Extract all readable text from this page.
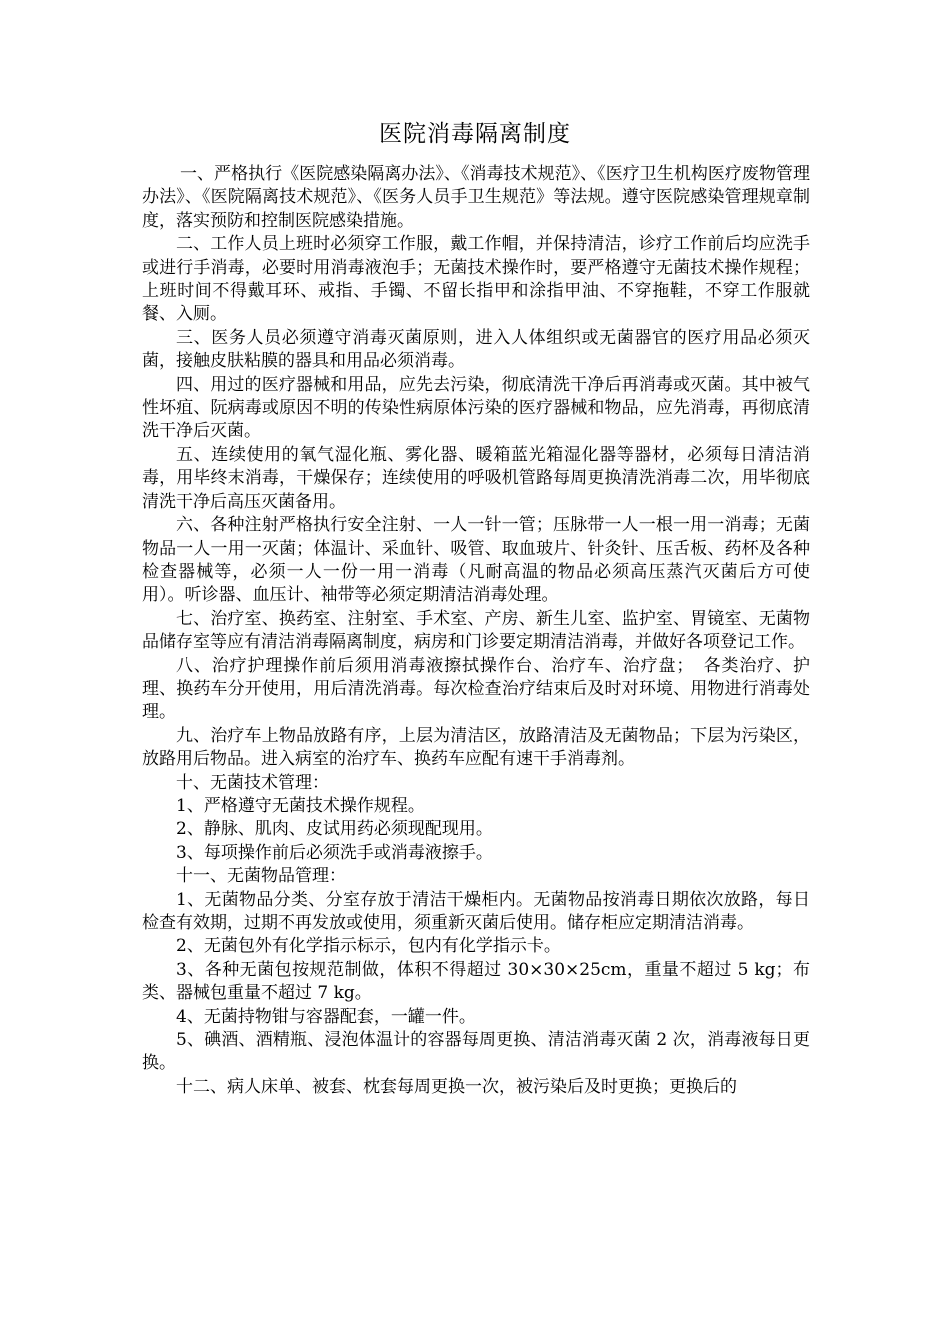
医院消毒隔离制度

一、严格执行《医院感染隔离办法》、《消毒技术规范》、《医疗卫生机构医疗废物管理办法》、《医院隔离技术规范》、《医务人员手卫生规范》等法规。遵守医院感染管理规章制度，落实预防和控制医院感染措施。

二、工作人员上班时必须穿工作服，戴工作帽，并保持清洁，诊疗工作前后均应洗手或进行手消毒，必要时用消毒液泡手；无菌技术操作时，要严格遵守无菌技术操作规程；上班时间不得戴耳环、戒指、手镯、不留长指甲和涂指甲油、不穿拖鞋，不穿工作服就餐、入厕。

三、医务人员必须遵守消毒灭菌原则，进入人体组织或无菌器官的医疗用品必须灭菌，接触皮肤粘膜的器具和用品必须消毒。

四、用过的医疗器械和用品，应先去污染，彻底清洗干净后再消毒或灭菌。其中被气性坏疽、阮病毒或原因不明的传染性病原体污染的医疗器械和物品，应先消毒，再彻底清洗干净后灭菌。

五、连续使用的氧气湿化瓶、雾化器、暖箱蓝光箱湿化器等器材，必须每日清洁消毒，用毕终末消毒，干燥保存；连续使用的呼吸机管路每周更换清洗消毒二次，用毕彻底清洗干净后高压灭菌备用。

六、各种注射严格执行安全注射、一人一针一管；压脉带一人一根一用一消毒；无菌物品一人一用一灭菌；体温计、采血针、吸管、取血玻片、针灸针、压舌板、药杯及各种检查器械等，必须一人一份一用一消毒（凡耐高温的物品必须高压蒸汽灭菌后方可使用）。听诊器、血压计、袖带等必须定期清洁消毒处理。

七、治疗室、换药室、注射室、手术室、产房、新生儿室、监护室、胃镜室、无菌物品储存室等应有清洁消毒隔离制度，病房和门诊要定期清洁消毒，并做好各项登记工作。

八、治疗护理操作前后须用消毒液擦拭操作台、治疗车、治疗盘；　各类治疗、护理、换药车分开使用，用后清洗消毒。每次检查治疗结束后及时对环境、用物进行消毒处理。

九、治疗车上物品放路有序，上层为清洁区，放路清洁及无菌物品；下层为污染区，放路用后物品。进入病室的治疗车、换药车应配有速干手消毒剂。

十、无菌技术管理：

1、严格遵守无菌技术操作规程。

2、静脉、肌肉、皮试用药必须现配现用。

3、每项操作前后必须洗手或消毒液擦手。

十一、无菌物品管理：

1、无菌物品分类、分室存放于清洁干燥柜内。无菌物品按消毒日期依次放路，每日检查有效期，过期不再发放或使用，须重新灭菌后使用。储存柜应定期清洁消毒。

2、无菌包外有化学指示标示，包内有化学指示卡。

3、各种无菌包按规范制做，体积不得超过 30×30×25cm，重量不超过 5 kg；布类、器械包重量不超过 7 kg。

4、无菌持物钳与容器配套，一罐一件。

5、碘酒、酒精瓶、浸泡体温计的容器每周更换、清洁消毒灭菌 2 次，消毒液每日更换。

十二、病人床单、被套、枕套每周更换一次，被污染后及时更换；更换后的
